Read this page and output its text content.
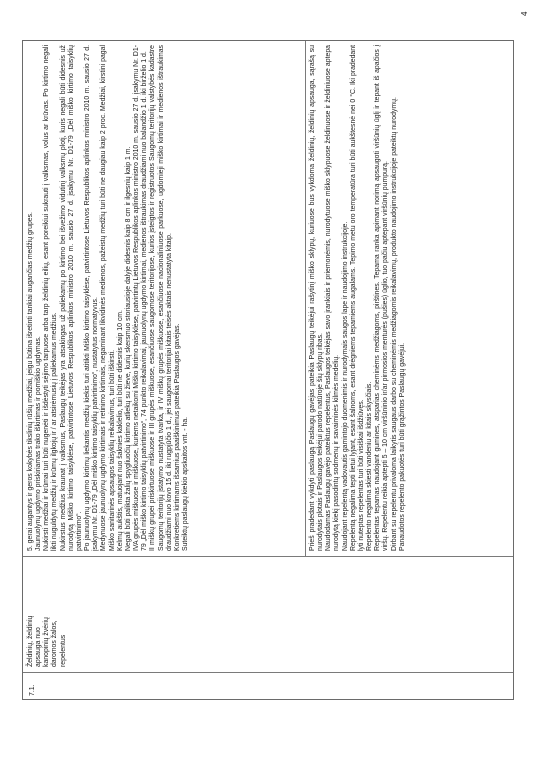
7.1.
Želdinių, želdinių apsauga nuo kanopinių žvėrių daromos žalos, repelentus

5. gerai augantys ir geros kokybės tikslinių rūšių medžiai, jeigu būtina išretinti tankiai augančias medžių grupes. Jaunuolynų ugdymo priskiriamas trako iškirtimas ir pomiškio ugdymas. Nukirsti medžiai ir krūmai turi būti nugenėti ir išdėstyti sėjimo tarpuose arba tarp želdinių eilių, esant poreikiui sukrauti į valksmas, volus ar krūvas. Po kirtimo negali likti nuguldytų medžių ir krūmų ilgkojų ir / ar atsirėmusių į paliekamus medžius. Nukirstus medžius kraunat į valksmus, Paslaugų teikėjas yra atsakingas už paliekamų po kirtimo bei išvežimo vidutinį valksmų plotį, kuris negali būti didesnis už nurodytą Miško kirtimo taisyklėse, patvirtintose Lietuvos Respublikos aplinkos ministro 2010 m. sausio 27 d. įsakymu Nr. D1-79 „Dėl miško kirtimo taisyklių patvirtinimo“. Po jaunuolynų ugdymo kirtimų liekantis medžių kiekis turi atitikti Miško kirtimo taisyklėse, patvirtintose Lietuvos Respublikos aplinkos ministro 2010 m. sausio 27 d. įsakymu Nr. D1-79 „Dėl miško kirtimo taisyklių patvirtinimo“, nustatytus normatyvus. Medynuose jaunuolynų ugdymo kirtimais ir retinimo kirtimais, negaminant likvidinės medienos, pažeistų medžių turi būti ne daugiau kaip 2 proc. Medžiai, kirstini pagal Miško sanitarinės apsaugos taisyklių reikalavimus, turi būti iškirsti. Kelmų aukštis, matuojant nuo šaknies kaklelio, turi būti ne didesnis kaip 10 cm. Negali būti palikta žalių spygliuočių kirtimo atliekų su žieve, kurių skersmuo storiausioje dalyje didesnis kaip 8 cm ir ilgesnių kaip 1 m. IVA grupės miškuose ir miškuose, kuriems netaikomi Miško kirtimo taisyklėse, patvirtintų Lietuvos Respublikos aplinkos ministro 2010 m. sausio 27 d. įsakymu Nr. D1-79 „Dėl miško kirtimo taisyklių patvirtinimo“, 74 punkto reikalavimai, jaunuolynų ugdymo kirtimai, medienos ištraukimas draudžiami nuo balandžio 1 d. iki birželio 1 d. II miškų grupei priskirtuose miškuose ir III grupės miškuose, esančiuose saugomose teritorijose, kurios įsteigtos ir registruotos Saugomų teritorijų valstybės kadastre Saugomų teritorijų įstatymo nustatyta tvarka, ir IV miškų grupės miškuose, esančiuose nacionaliniuose parkuose, ugdomieji miško kirtimai ir medienos ištraukimas draudžiami nuo kovo 15 d. iki rugpjūčio 1 d., jei saugomai teritorijai kitais teisės aktais nenustatyta kitaip. Konkretiems kirtimams išsamius paaiškinimus pateikia Paslaugos gavėjas. Suteiktų paslaugų kiekio apskaitos vnt. - ha.	Prieš pradedant vykdyti paslaugą Paslaugų gavėjas pateikia Paslaugų teikėjui rašytinį miško sklypų, kuriuose bus vykdoma želdinių, želdinių apsauga, sąrašą su nurodytais plotais ir Paslaugos teikėjui parodo natūroje šių sklypų ribas. Naudodamas Paslaugų gavėjo pateiktus repelentus, Paslaugos teikėjas savo įrankiais ir priemonėmis, nurodytuose miško sklypuose želdinuose ir želdiniuose aptepa nurodytą kiekį pasodintų sodmenų ir savaiminės kilmės medelių. Naudojant repelentą vadovautis gamintojo duomenimis ir nurodymais saugos lape ir naudojimo instrukcijoje. Repelentą negalima tepti lietui lyjant, esant šalnoms, esant drėgniems tepamiems augalams. Tepimo metu oro temperatūra turi būti aukštesnė nei 0 °C. Iki pradedant lyti nuteptas repelentas turi būti visiškai išdžiūvęs. Repelento negalima skiesti vandeniu ar kitais skysčiais. Repelentas tepamas naudojant gumines, atsparias cheminėms medžiagoms, pirštines. Tepama ranka apimant norimą apsaugoti viršūnių ūglį ir tepant iš apačios į viršų. Repelentu reikia aptepti 5 – 10 cm viršūninio ir/ar pirmosios menturės (pušies) ūglio, tuo pačiu aptepant viršūnių pumpurą. Dirbant su repelentu privaloma laikytis saugaus darbo su cheminėmis medžiagomis reikalavimų, produkto naudojimo instrukcijoje pateiktų nurodymų. Panaudotos repelento pakuotės turi būti grąžintos Paslaugų gavėjui.

4
